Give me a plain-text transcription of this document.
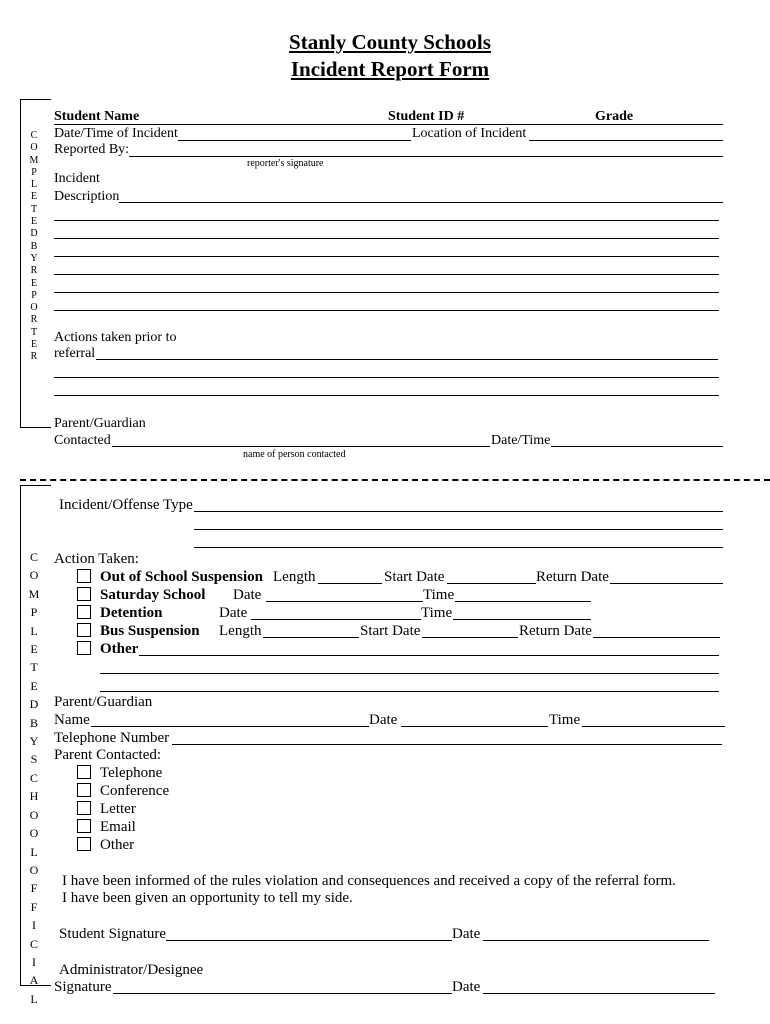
Stanly County Schools
Incident Report Form
C
O
M
P
L
E
T
E
D
B
Y
R
E
P
O
R
T
E
R
Student Name	Student ID #	Grade
Date/Time of Incident	Location of Incident
Reported By:
reporter's signature
Incident
Description
Actions taken prior to
referral
Parent/Guardian
Contacted	Date/Time
name of person contacted
C
O
M
P
L
E
T
E
D
B
Y
S
C
H
O
O
L
O
F
F
I
C
I
A
L
Incident/Offense Type
Action Taken:
Out of School Suspension Length	Start Date	Return Date
Saturday School Date	Time
Detention	Date	Time
Bus Suspension Length	Start Date	Return Date
Other
Parent/Guardian
Name	Date	Time
Telephone Number
Parent Contacted:
Telephone
Conference
Letter
Email
Other
I have been informed of the rules violation and consequences and received a copy of the referral form.
I have been given an opportunity to tell my side.
Student Signature	Date
Administrator/Designee
Signature	Date
